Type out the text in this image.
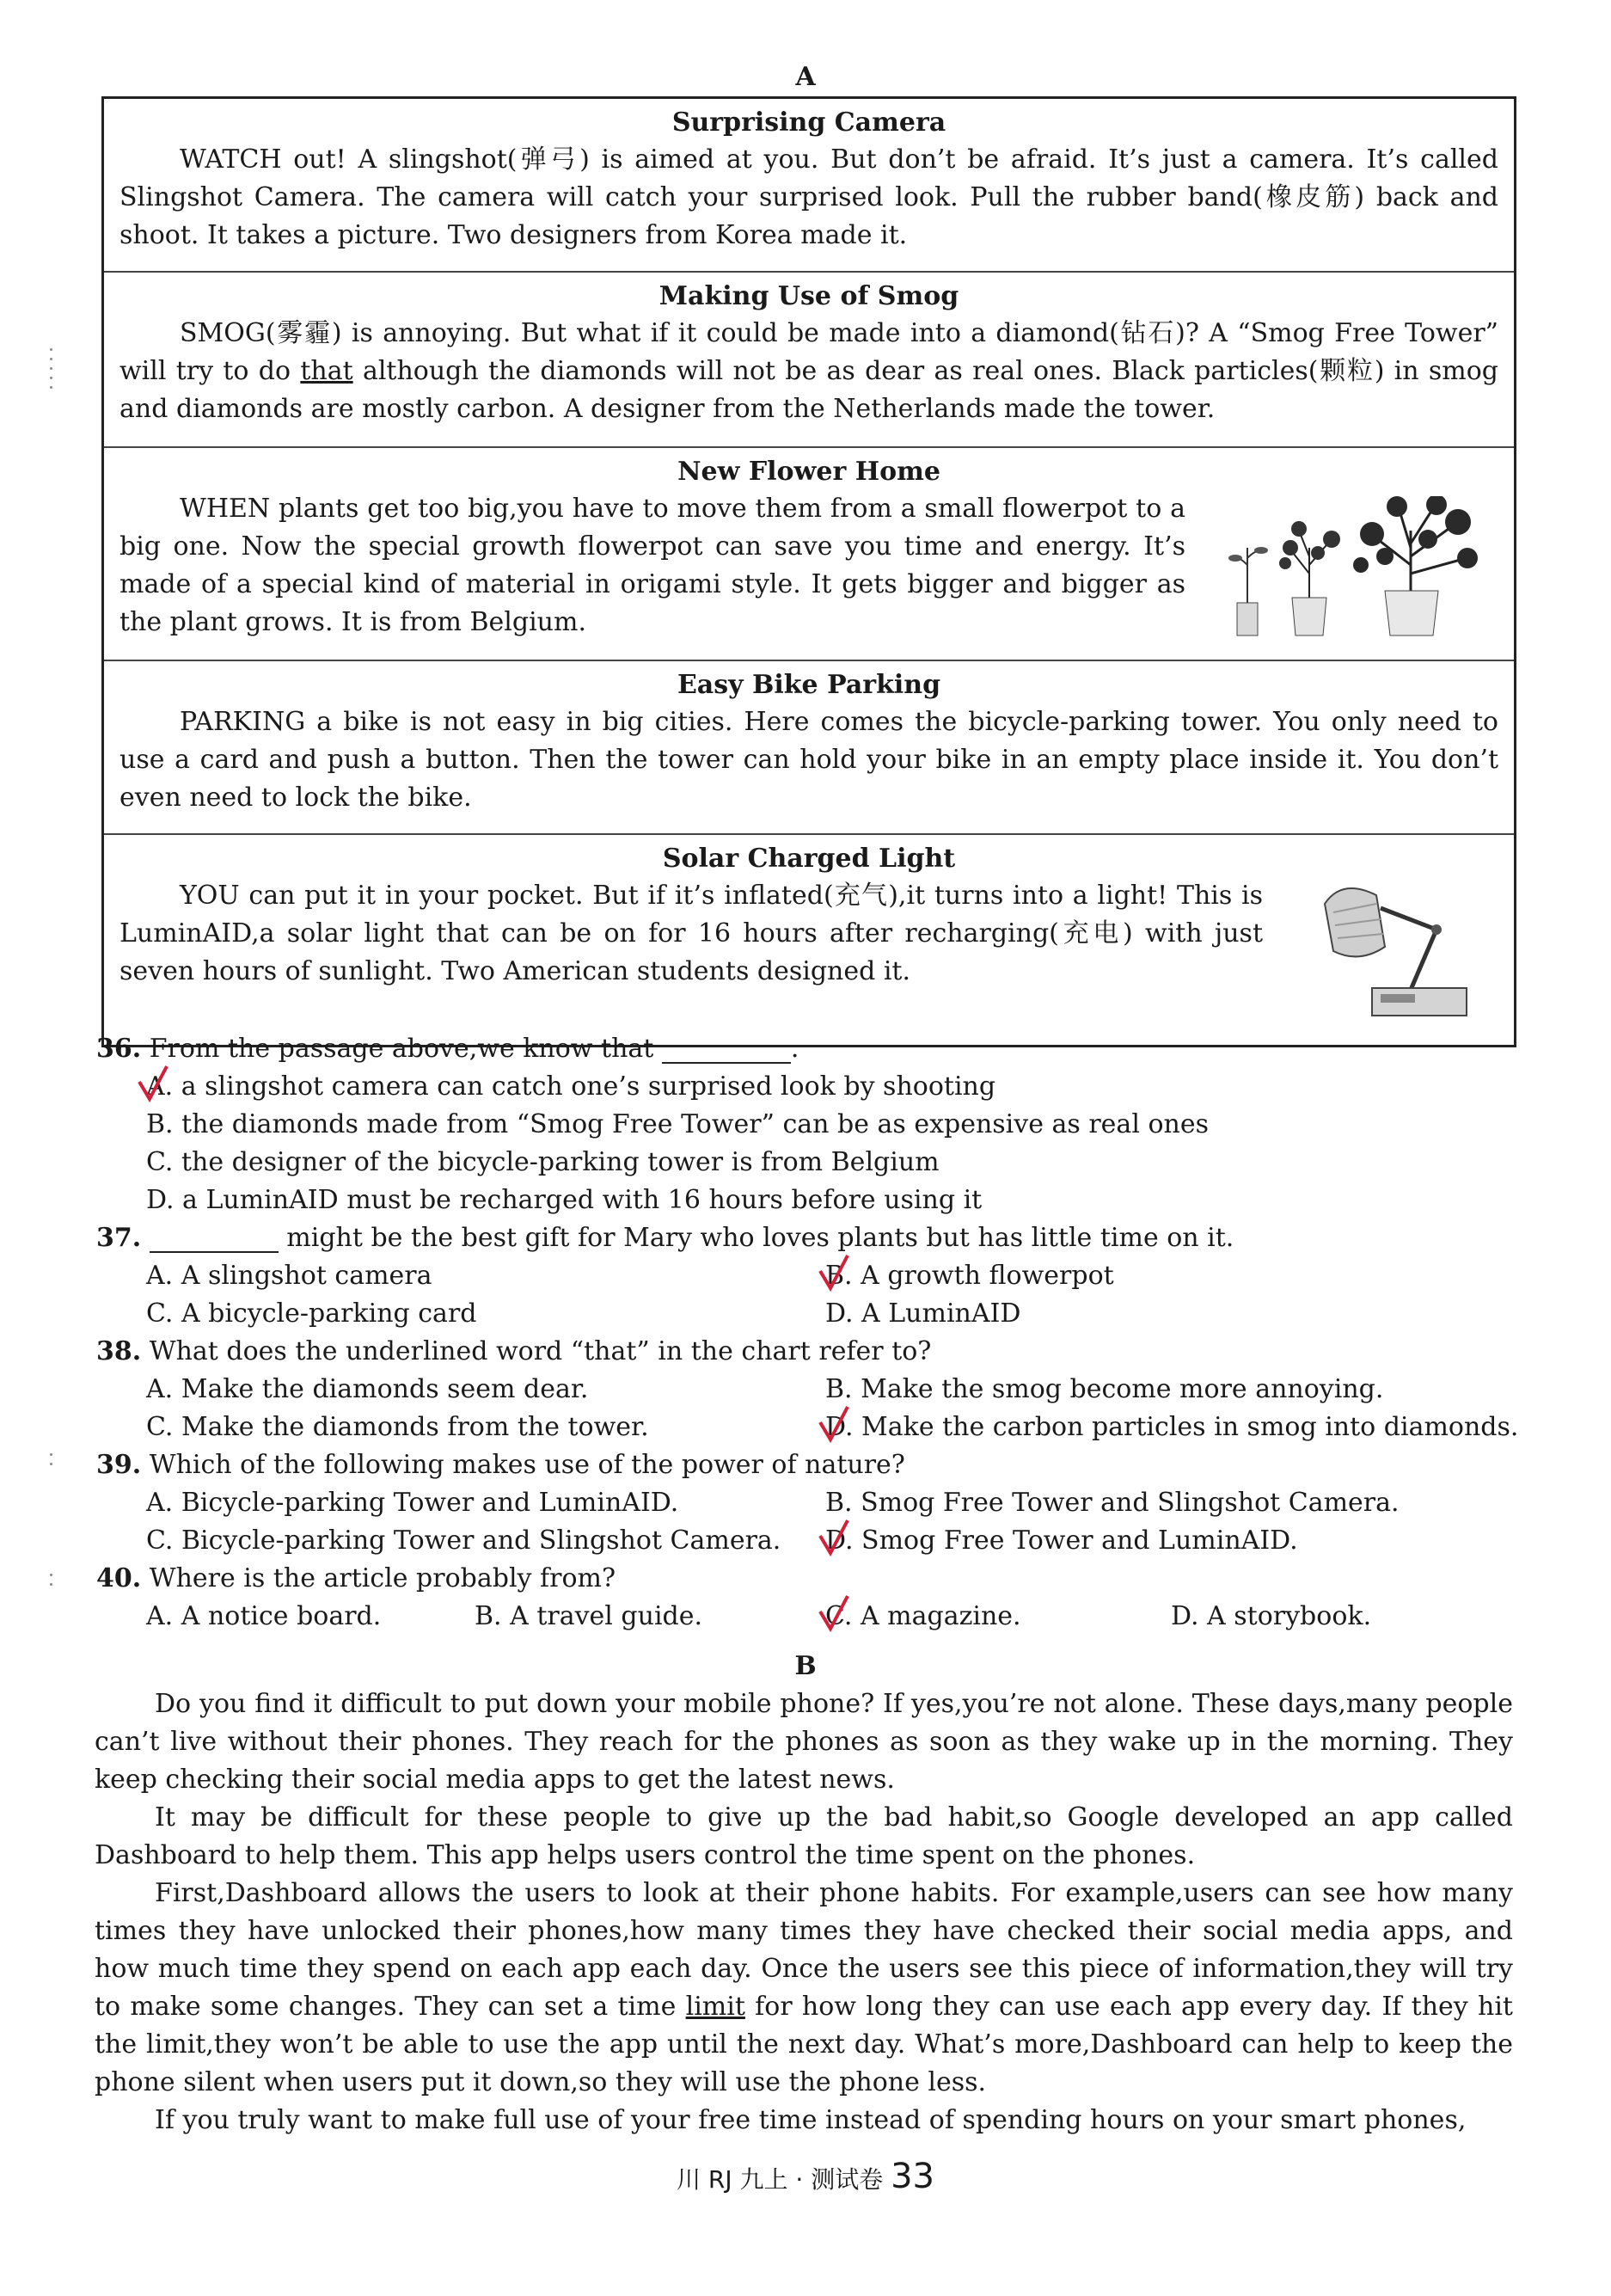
A
Surprising Camera
WATCH out! A slingshot(弹弓) is aimed at you. But don’t be afraid. It’s just a camera. It’s called Slingshot Camera. The camera will catch your surprised look. Pull the rubber band(橡皮筋) back and shoot. It takes a picture. Two designers from Korea made it.
Making Use of Smog
SMOG(雾霾) is annoying. But what if it could be made into a diamond(钻石)? A “Smog Free Tower” will try to do that although the diamonds will not be as dear as real ones. Black particles(颗粒) in smog and diamonds are mostly carbon. A designer from the Netherlands made the tower.
New Flower Home
WHEN plants get too big,you have to move them from a small flowerpot to a big one. Now the special growth flowerpot can save you time and energy. It’s made of a special kind of material in origami style. It gets bigger and bigger as the plant grows. It is from Belgium.
Easy Bike Parking
PARKING a bike is not easy in big cities. Here comes the bicycle-parking tower. You only need to use a card and push a button. Then the tower can hold your bike in an empty place inside it. You don’t even need to lock the bike.
Solar Charged Light
YOU can put it in your pocket. But if it’s inflated(充气),it turns into a light! This is LuminAID,a solar light that can be on for 16 hours after recharging(充电) with just seven hours of sunlight. Two American students designed it.
36. From the passage above,we know that	.
A. a slingshot camera can catch one’s surprised look by shooting
B. the diamonds made from “Smog Free Tower” can be as expensive as real ones
C. the designer of the bicycle-parking tower is from Belgium
D. a LuminAID must be recharged with 16 hours before using it
37.	might be the best gift for Mary who loves plants but has little time on it.
A. A slingshot camera	B. A growth flowerpot
C. A bicycle-parking card	D. A LuminAID
38. What does the underlined word “that” in the chart refer to?
A. Make the diamonds seem dear.	B. Make the smog become more annoying.
C. Make the diamonds from the tower.	D. Make the carbon particles in smog into diamonds.
39. Which of the following makes use of the power of nature?
A. Bicycle-parking Tower and LuminAID.	B. Smog Free Tower and Slingshot Camera.
C. Bicycle-parking Tower and Slingshot Camera. D. Smog Free Tower and LuminAID.
40. Where is the article probably from?
A. A notice board.	B. A travel guide.	C. A magazine.	D. A storybook.
B

Do you find it difficult to put down your mobile phone? If yes,you’re not alone. These days,many people can’t live without their phones. They reach for the phones as soon as they wake up in the morning. They keep checking their social media apps to get the latest news.

It may be difficult for these people to give up the bad habit,so Google developed an app called Dashboard to help them. This app helps users control the time spent on the phones.

First,Dashboard allows the users to look at their phone habits. For example,users can see how many times they have unlocked their phones,how many times they have checked their social media apps, and how much time they spend on each app each day. Once the users see this piece of information,they will try to make some changes. They can set a time limit for how long they can use each app every day. If they hit the limit,they won’t be able to use the app until the next day. What’s more,Dashboard can help to keep the phone silent when users put it down,so they will use the phone less.

If you truly want to make full use of your free time instead of spending hours on your smart phones,

川 RJ 九上 · 测试卷 33
